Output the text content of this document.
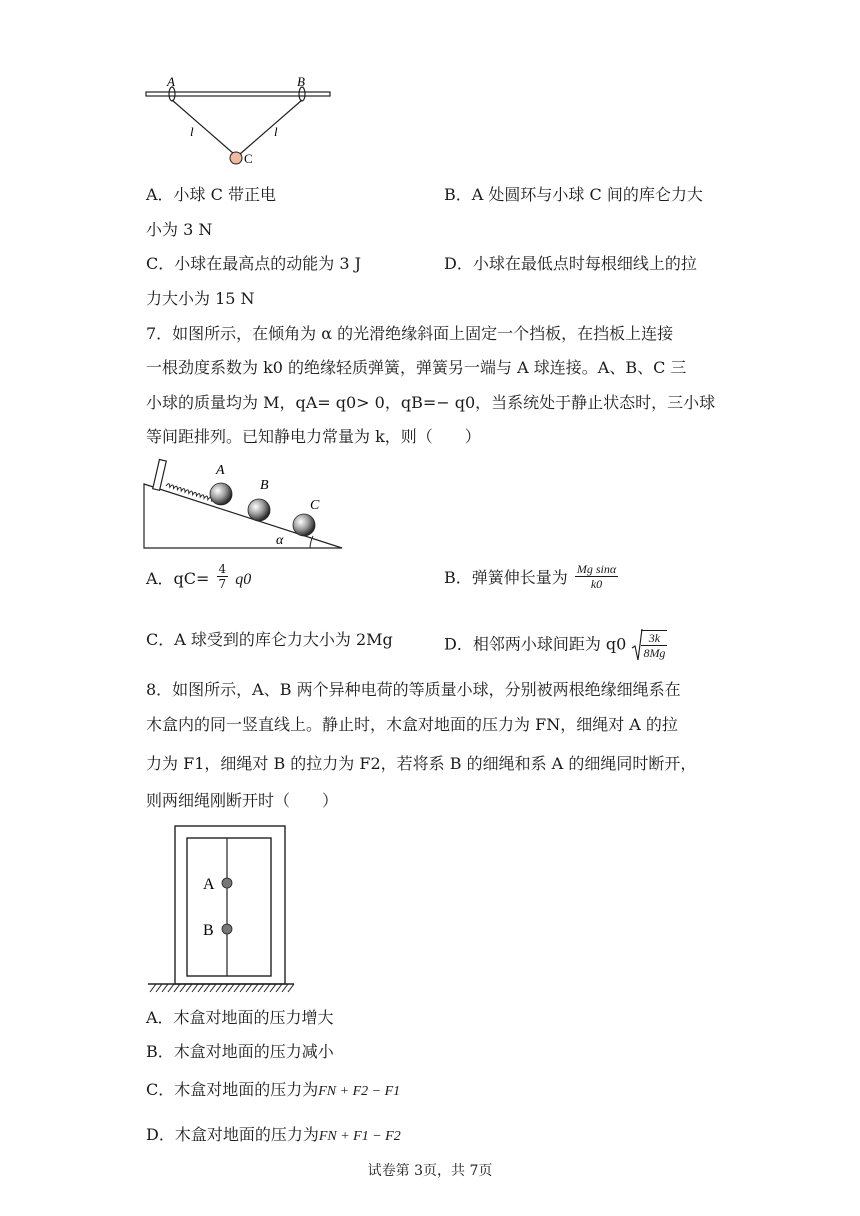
A	B
l	l
C
A．小球 C 带正电	B．A 处圆环与小球 C 间的库仑力大
小为 3 N
C．小球在最高点的动能为 3 J	D．小球在最低点时每根细线上的拉
力大小为 15 N
7．如图所示，在倾角为 α 的光滑绝缘斜面上固定一个挡板，在挡板上连接
一根劲度系数为 k0 的绝缘轻质弹簧，弹簧另一端与 A 球连接。A、B、C 三
小球的质量均为 M，qA= q0> 0，qB=− q0，当系统处于静止状态时，三小球
等间距排列。已知静电力常量为 k，则（　　）
A
B
C
α
A．$qC= \frac{4}{7} q0$	B．弹簧伸长量为 $\frac{\text{Mg sinα}}{k0}$
C．A 球受到的库仑力大小为 2Mg	D．相邻两小球间距为 $q0 \frac{3k}{8Mg}$
8．如图所示，A、B 两个异种电荷的等质量小球，分别被两根绝缘细绳系在
木盒内的同一竖直线上。静止时，木盒对地面的压力为 FN，细绳对 A 的拉
力为 F1，细绳对 B 的拉力为 F2，若将系 B 的细绳和系 A 的细绳同时断开，
则两细绳刚断开时（　　）
A
B
A．木盒对地面的压力增大
B．木盒对地面的压力减小
C．木盒对地面的压力为FN + F2 − F1
D．木盒对地面的压力为FN + F1 − F2
试卷第 3页，共 7页
